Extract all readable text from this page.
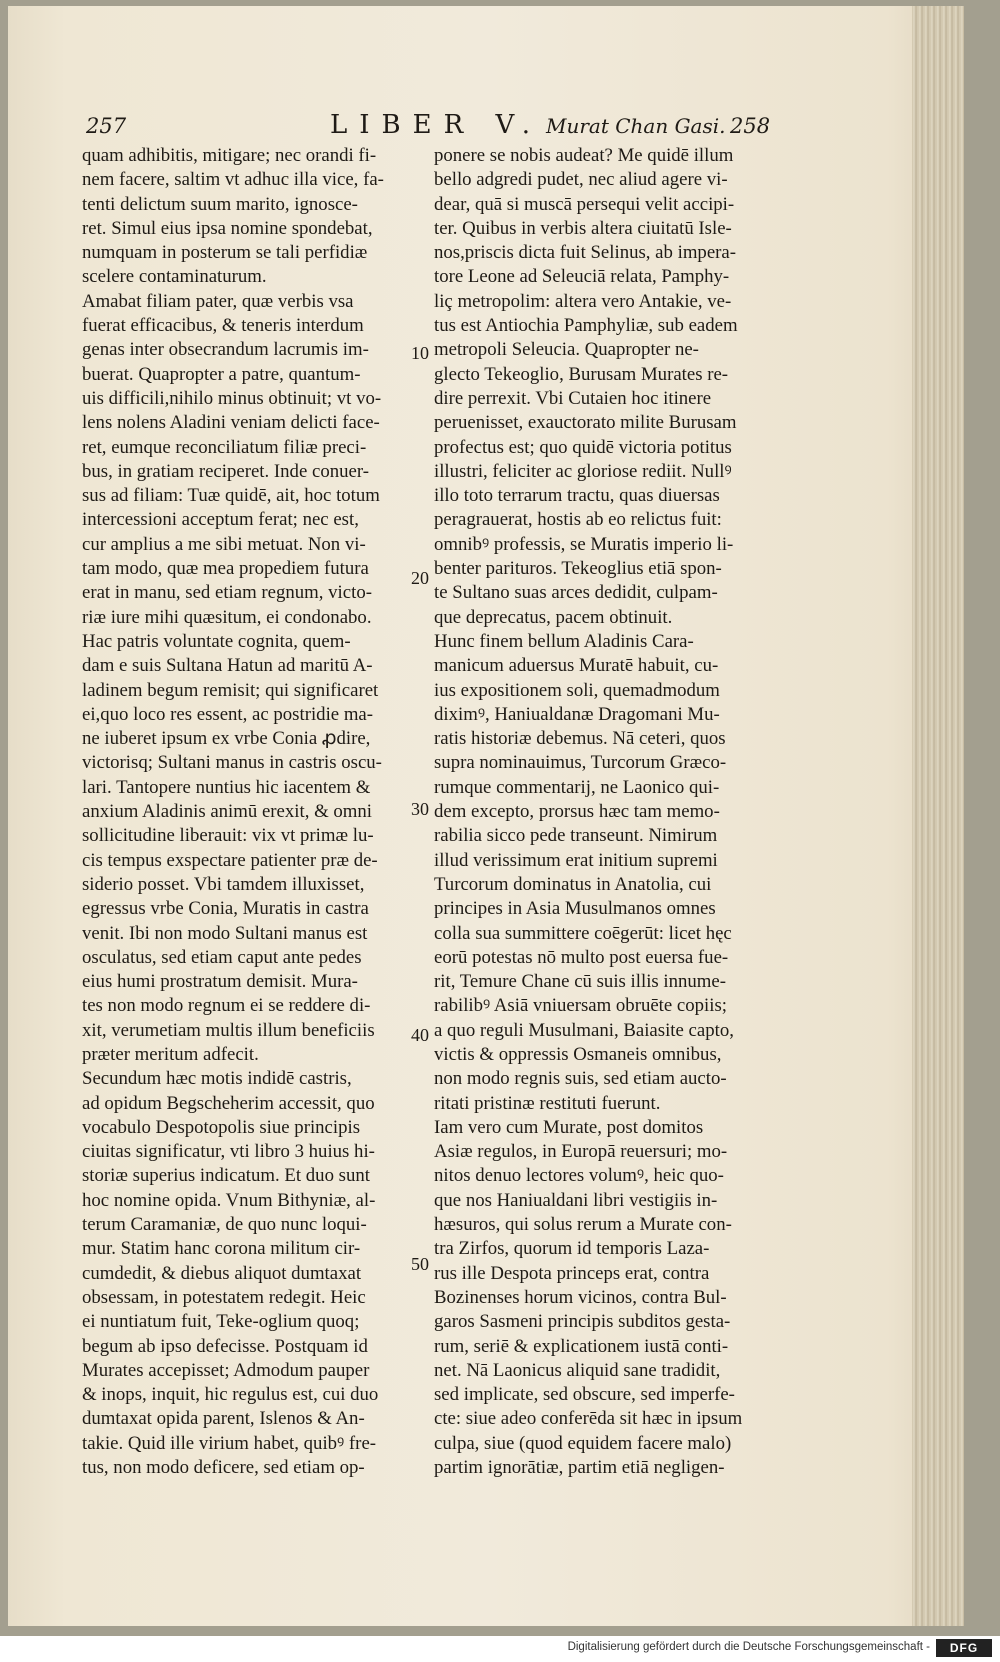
257	LIBER V. Murat Chan Gasi. 258
quam adhibitis, mitigare; nec orandi fi-
nem facere, saltim vt adhuc illa vice, fa-
tenti delictum suum marito, ignosce-
ret. Simul eius ipsa nomine spondebat,
numquam in posterum se tali perfidiæ
scelere contaminaturum.
Amabat filiam pater, quæ verbis vsa
fuerat efficacibus, & teneris interdum
genas inter obsecrandum lacrumis im-
buerat. Quapropter a patre, quantum-
uis difficili,nihilo minus obtinuit; vt vo-
lens nolens Aladini veniam delicti face-
ret, eumque reconciliatum filiæ preci-
bus, in gratiam reciperet. Inde conuer-
sus ad filiam: Tuæ quidē, ait, hoc totum
intercessioni acceptum ferat; nec est,
cur amplius a me sibi metuat. Non vi-
tam modo, quæ mea propediem futura
erat in manu, sed etiam regnum, victo-
riæ iure mihi quæsitum, ei condonabo.
Hac patris voluntate cognita, quem-
dam e suis Sultana Hatun ad maritū A-
ladinem begum remisit; qui significaret
ei,quo loco res essent, ac postridie ma-
ne iuberet ipsum ex vrbe Conia ꝓdire,
victorisq; Sultani manus in castris oscu-
lari. Tantopere nuntius hic iacentem &
anxium Aladinis animū erexit, & omni
sollicitudine liberauit: vix vt primæ lu-
cis tempus exspectare patienter præ de-
siderio posset. Vbi tamdem illuxisset,
egressus vrbe Conia, Muratis in castra
venit. Ibi non modo Sultani manus est
osculatus, sed etiam caput ante pedes
eius humi prostratum demisit. Mura-
tes non modo regnum ei se reddere di-
xit, verumetiam multis illum beneficiis
præter meritum adfecit.
Secundum hæc motis indidē castris,
ad opidum Begscheherim accessit, quo
vocabulo Despotopolis siue principis
ciuitas significatur, vti libro 3 huius hi-
storiæ superius indicatum. Et duo sunt
hoc nomine opida. Vnum Bithyniæ, al-
terum Caramaniæ, de quo nunc loqui-
mur. Statim hanc corona militum cir-
cumdedit, & diebus aliquot dumtaxat
obsessam, in potestatem redegit. Heic
ei nuntiatum fuit, Teke-oglium quoq;
begum ab ipso defecisse. Postquam id
Murates accepisset; Admodum pauper
& inops, inquit, hic regulus est, cui duo
dumtaxat opida parent, Islenos & An-
takie. Quid ille virium habet, quibꝰ fre-
tus, non modo deficere, sed etiam op-
ponere se nobis audeat? Me quidē illum
bello adgredi pudet, nec aliud agere vi-
dear, quā si muscā persequi velit accipi-
ter. Quibus in verbis altera ciuitatū Isle-
nos,priscis dicta fuit Selinus, ab impera-
tore Leone ad Seleuciā relata, Pamphy-
liç metropolim: altera vero Antakie, ve-
tus est Antiochia Pamphyliæ, sub eadem
metropoli Seleucia. Quapropter ne-
glecto Tekeoglio, Burusam Murates re-
dire perrexit. Vbi Cutaien hoc itinere
peruenisset, exauctorato milite Burusam
profectus est; quo quidē victoria potitus
illustri, feliciter ac gloriose rediit. Nullꝰ
illo toto terrarum tractu, quas diuersas
peragrauerat, hostis ab eo relictus fuit:
omnibꝰ professis, se Muratis imperio li-
benter parituros. Tekeoglius etiā spon-
te Sultano suas arces dedidit, culpam-
que deprecatus, pacem obtinuit.
Hunc finem bellum Aladinis Cara-
manicum aduersus Muratē habuit, cu-
ius expositionem soli, quemadmodum
diximꝰ, Haniualdanæ Dragomani Mu-
ratis historiæ debemus. Nā ceteri, quos
supra nominauimus, Turcorum Græco-
rumque commentarij, ne Laonico qui-
dem excepto, prorsus hæc tam memo-
rabilia sicco pede transeunt. Nimirum
illud verissimum erat initium supremi
Turcorum dominatus in Anatolia, cui
principes in Asia Musulmanos omnes
colla sua summittere coēgerūt: licet hęc
eorū potestas nō multo post euersa fue-
rit, Temure Chane cū suis illis innume-
rabilibꝰ Asiā vniuersam obruēte copiis;
a quo reguli Musulmani, Baiasite capto,
victis & oppressis Osmaneis omnibus,
non modo regnis suis, sed etiam aucto-
ritati pristinæ restituti fuerunt.
Iam vero cum Murate, post domitos
Asiæ regulos, in Europā reuersuri; mo-
nitos denuo lectores volumꝰ, heic quo-
que nos Haniualdani libri vestigiis in-
hæsuros, qui solus rerum a Murate con-
tra Zirfos, quorum id temporis Laza-
rus ille Despota princeps erat, contra
Bozinenses horum vicinos, contra Bul-
garos Sasmeni principis subditos gesta-
rum, seriē & explicationem iustā conti-
net. Nā Laonicus aliquid sane tradidit,
sed implicate, sed obscure, sed imperfe-
cte: siue adeo conferēda sit hæc in ipsum
culpa, siue (quod equidem facere malo)
partim ignorātiæ, partim etiā negligen-
10
20
30
40
50
Digitalisierung gefördert durch die Deutsche Forschungsgemeinschaft -	DFG
